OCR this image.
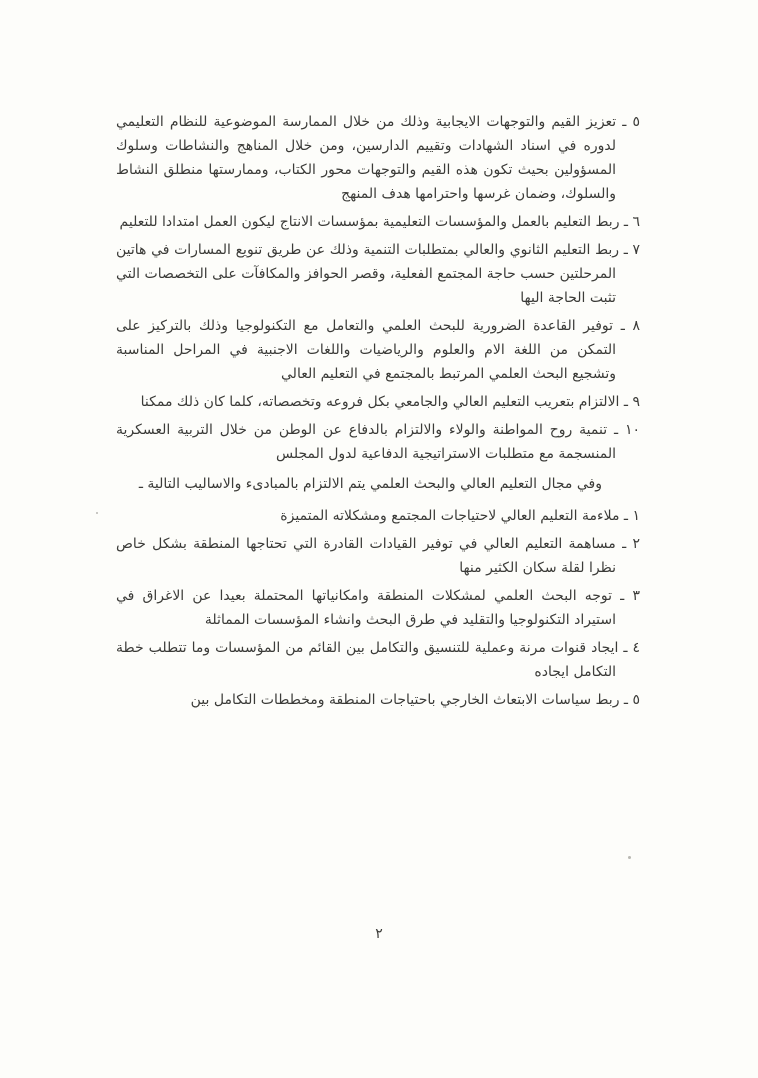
٥ ـ تعزيز القيم والتوجهات الايجابية وذلك من خلال الممارسة الموضوعية للنظام التعليمي لدوره في اسناد الشهادات وتقييم الدارسين، ومن خلال المناهج والنشاطات وسلوك المسؤولين بحيث تكون هذه القيم والتوجهات محور الكتاب، وممارستها منطلق النشاط والسلوك، وضمان غرسها واحترامها هدف المنهج

٦ ـ ربط التعليم بالعمل والمؤسسات التعليمية بمؤسسات الانتاج ليكون العمل امتدادا للتعليم

٧ ـ ربط التعليم الثانوي والعالي بمتطلبات التنمية وذلك عن طريق تنويع المسارات في هاتين المرحلتين حسب حاجة المجتمع الفعلية، وقصر الحوافز والمكافآت على التخصصات التي تثبت الحاجة اليها

٨ ـ توفير القاعدة الضرورية للبحث العلمي والتعامل مع التكنولوجيا وذلك بالتركيز على التمكن من اللغة الام والعلوم والرياضيات واللغات الاجنبية في المراحل المناسبة وتشجيع البحث العلمي المرتبط بالمجتمع في التعليم العالي

٩ ـ الالتزام بتعريب التعليم العالي والجامعي بكل فروعه وتخصصاته، كلما كان ذلك ممكنا

١٠ ـ تنمية روح المواطنة والولاء والالتزام بالدفاع عن الوطن من خلال التربية العسكرية المنسجمة مع متطلبات الاستراتيجية الدفاعية لدول المجلس

وفي مجال التعليم العالي والبحث العلمي يتم الالتزام بالمبادىء والاساليب التالية ـ

١ ـ ملاءمة التعليم العالي لاحتياجات المجتمع ومشكلاته المتميزة

٢ ـ مساهمة التعليم العالي في توفير القيادات القادرة التي تحتاجها المنطقة بشكل خاص نظرا لقلة سكان الكثير منها

٣ ـ توجه البحث العلمي لمشكلات المنطقة وامكانياتها المحتملة بعيدا عن الاغراق في استيراد التكنولوجيا والتقليد في طرق البحث وانشاء المؤسسات المماثلة

٤ ـ ايجاد قنوات مرنة وعملية للتنسيق والتكامل بين القائم من المؤسسات وما تتطلب خطة التكامل ايجاده

٥ ـ ربط سياسات الابتعاث الخارجي باحتياجات المنطقة ومخططات التكامل بين

٢
